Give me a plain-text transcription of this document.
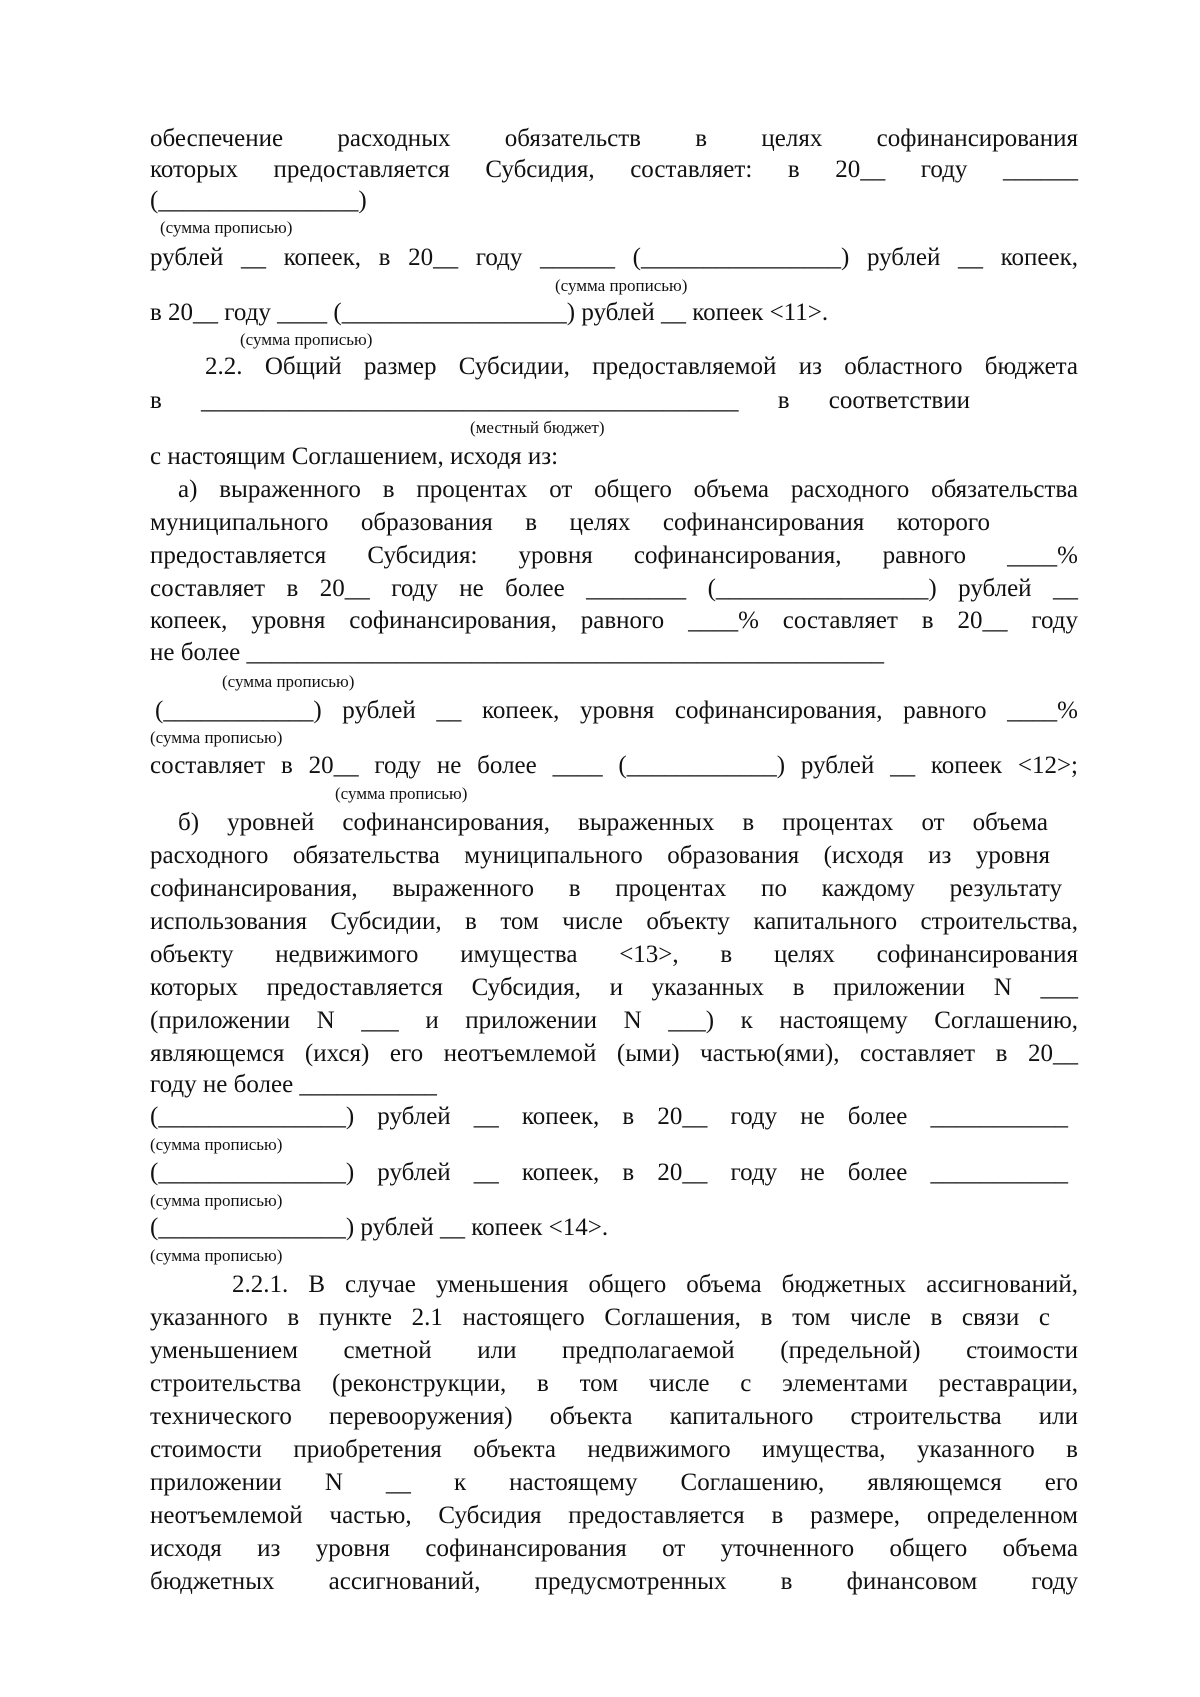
обеспечение расходных обязательств в целях софинансирования
которых предоставляется Субсидия, составляет: в 20__ году ______
(________________)
(сумма прописью)
рублей __ копеек, в 20__ году ______ (________________) рублей __ копеек,
(сумма прописью)
в 20__ году ____ (__________________) рублей __ копеек <11>.
(сумма прописью)
2.2. Общий размер Субсидии, предоставляемой из областного бюджета
в ___________________________________________ в соответствии
(местный бюджет)
с настоящим Соглашением, исходя из:
а) выраженного в процентах от общего объема расходного обязательства
муниципального образования в целях софинансирования которого
предоставляется Субсидия: уровня софинансирования, равного ____%
составляет в 20__ году не более ________ (_________________) рублей __
копеек, уровня софинансирования, равного ____% составляет в 20__ году
не более ___________________________________________________
(сумма прописью)
(____________) рублей __ копеек, уровня софинансирования, равного ____%
(сумма прописью)
составляет в 20__ году не более ____ (____________) рублей __ копеек <12>;
(сумма прописью)
б) уровней софинансирования, выраженных в процентах от объема
расходного обязательства муниципального образования (исходя из уровня
софинансирования, выраженного в процентах по каждому результату
использования Субсидии, в том числе объекту капитального строительства,
объекту недвижимого имущества <13>, в целях софинансирования
которых предоставляется Субсидия, и указанных в приложении N ___
(приложении N ___ и приложении N ___) к настоящему Соглашению,
являющемся (ихся) его неотъемлемой (ыми) частью(ями), составляет в 20__
году не более ___________
(_______________) рублей __ копеек, в 20__ году не более ___________
(сумма прописью)
(_______________) рублей __ копеек, в 20__ году не более ___________
(сумма прописью)
(_______________) рублей __ копеек <14>.
(сумма прописью)
2.2.1. В случае уменьшения общего объема бюджетных ассигнований,
указанного в пункте 2.1 настоящего Соглашения, в том числе в связи с
уменьшением сметной или предполагаемой (предельной) стоимости
строительства (реконструкции, в том числе с элементами реставрации,
технического перевооружения) объекта капитального строительства или
стоимости приобретения объекта недвижимого имущества, указанного в
приложении N __ к настоящему Соглашению, являющемся его
неотъемлемой частью, Субсидия предоставляется в размере, определенном
исходя из уровня софинансирования от уточненного общего объема
бюджетных ассигнований, предусмотренных в финансовом году
